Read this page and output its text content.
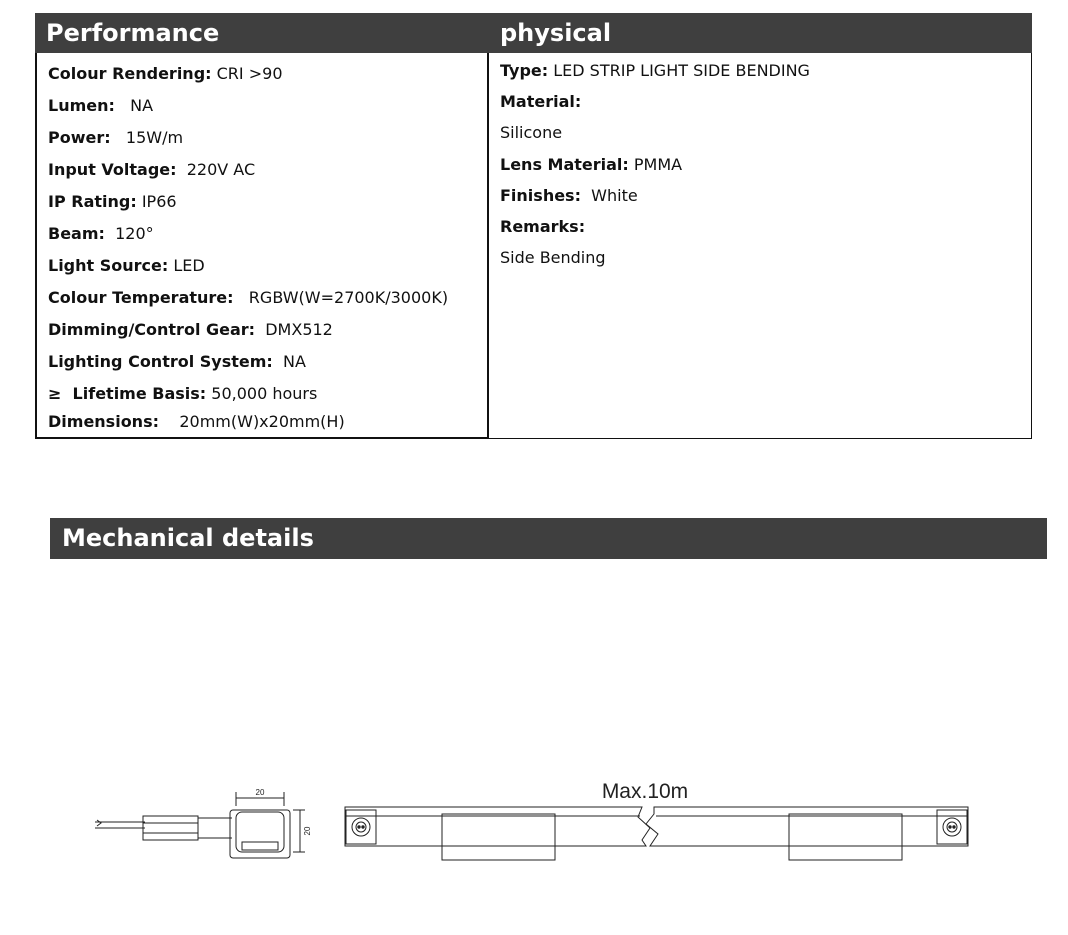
Performance	physical
Colour Rendering: CRI >90
Lumen:   NA
Power:   15W/m
Input Voltage:  220V AC
IP Rating: IP66
Beam:  120°
Light Source: LED
Colour Temperature:   RGBW(W=2700K/3000K)
Dimming/Control Gear:  DMX512
Lighting Control System:  NA
≥  Lifetime Basis: 50,000 hours
Dimensions:    20mm(W)x20mm(H)
Type: LED STRIP LIGHT SIDE BENDING
Material:
Silicone
Lens Material: PMMA
Finishes:  White
Remarks:
Side Bending
Mechanical details
20
20
Max.10m
